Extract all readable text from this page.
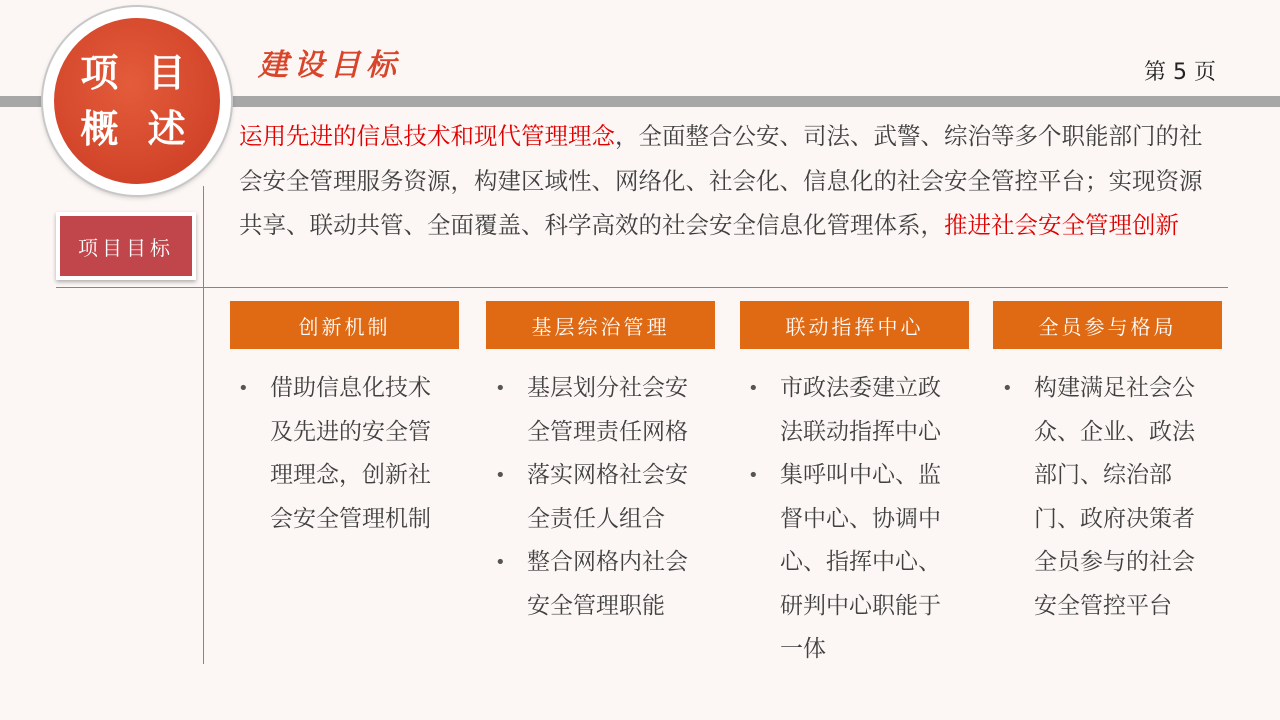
项 目
概 述
建设目标	第 5 页
项目目标
运用先进的信息技术和现代管理理念，全面整合公安、司法、武警、综治等多个职能部门的社会安全管理服务资源，构建区域性、网络化、社会化、信息化的社会安全管控平台；实现资源共享、联动共管、全面覆盖、科学高效的社会安全信息化管理体系，推进社会安全管理创新
创新机制	基层综治管理	联动指挥中心	全员参与格局
• 借助信息化技术及先进的安全管理理念，创新社会安全管理机制
• 基层划分社会安全管理责任网格
• 落实网格社会安全责任人组合
• 整合网格内社会安全管理职能
• 市政法委建立政法联动指挥中心
• 集呼叫中心、监督中心、协调中心、指挥中心、研判中心职能于一体
• 构建满足社会公众、企业、政法部门、综治部门、政府决策者全员参与的社会安全管控平台
